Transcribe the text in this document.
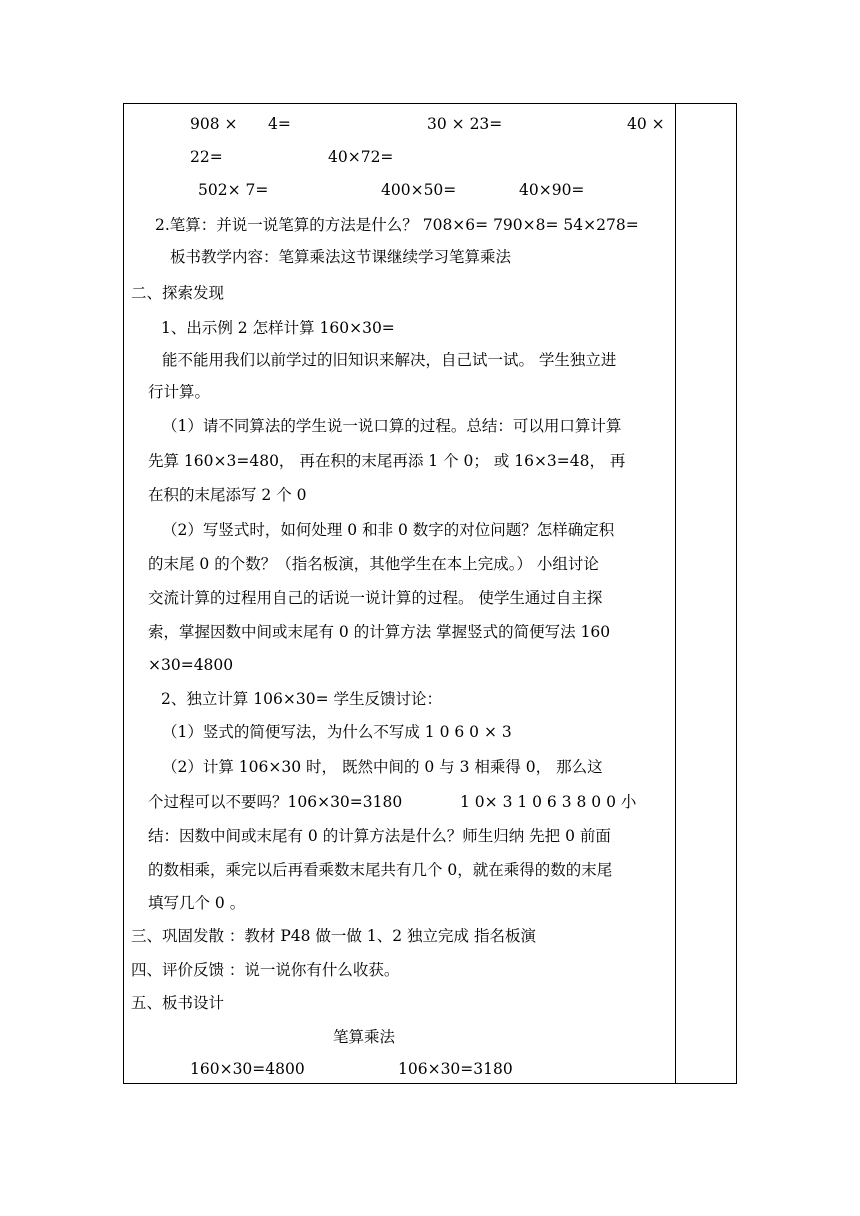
908 × 4=	30 × 23=	40 ×
22=	40×72=
502× 7=	400×50=	40×90=
2.笔算：并说一说笔算的方法是什么？ 708×6= 790×8= 54×278=
板书教学内容：笔算乘法这节课继续学习笔算乘法
二、探索发现
1、出示例 2 怎样计算 160×30=
能不能用我们以前学过的旧知识来解决，自己试一试。 学生独立进
行计算。
（1）请不同算法的学生说一说口算的过程。总结：可以用口算计算
先算 160×3=480， 再在积的末尾再添 1 个 0； 或 16×3=48， 再
在积的末尾添写 2 个 0
（2）写竖式时，如何处理 0 和非 0 数字的对位问题？怎样确定积
的末尾 0 的个数？（指名板演，其他学生在本上完成。） 小组讨论
交流计算的过程用自己的话说一说计算的过程。 使学生通过自主探
索，掌握因数中间或末尾有 0 的计算方法 掌握竖式的简便写法 160
×30=4800
2、独立计算 106×30= 学生反馈讨论：
（1）竖式的简便写法，为什么不写成 1 0 6 0 × 3
（2）计算 106×30 时， 既然中间的 0 与 3 相乘得 0， 那么这
个过程可以不要吗？106×30=3180	1 0× 3 1 0 6 3 8 0 0 小
结：因数中间或末尾有 0 的计算方法是什么？师生归纳 先把 0 前面
的数相乘，乘完以后再看乘数末尾共有几个 0，就在乘得的数的末尾
填写几个 0 。
三、巩固发散 ：教材 P48 做一做 1、2 独立完成 指名板演
四、评价反馈 ：说一说你有什么收获。
五、板书设计
笔算乘法
160×30=4800	106×30=3180
